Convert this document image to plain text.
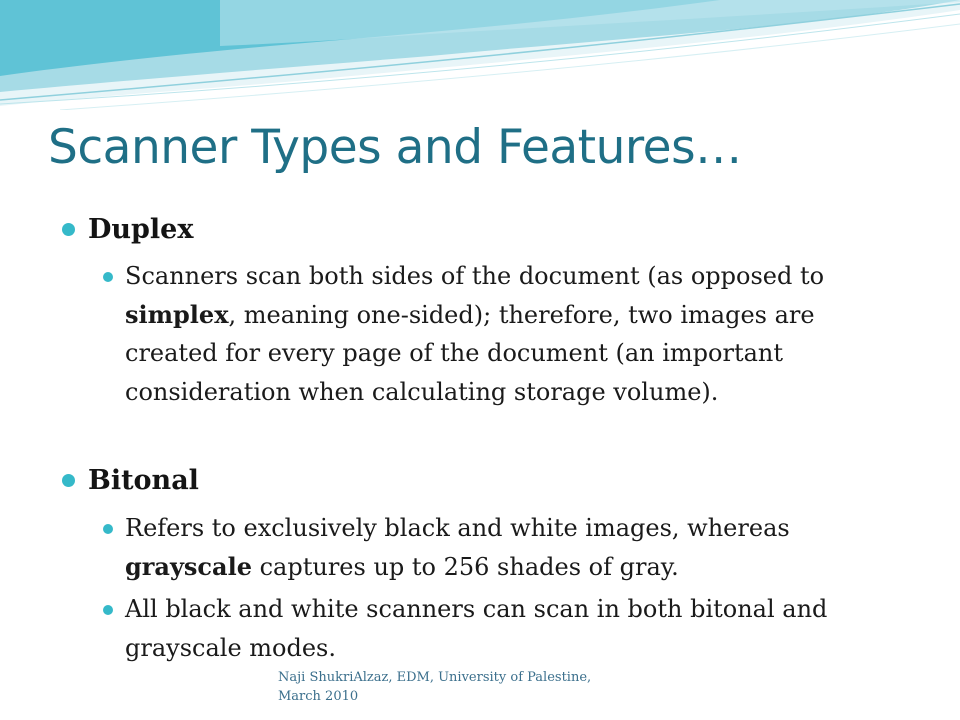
Scanner Types and Features…
Duplex
Scanners scan both sides of the document (as opposed to simplex, meaning one-sided); therefore, two images are created for every page of the document (an important consideration when calculating storage volume).
Bitonal
Refers to exclusively black and white images, whereas grayscale captures up to 256 shades of gray.
All black and white scanners can scan in both bitonal and grayscale modes.
Naji ShukriAlzaz, EDM, University of Palestine, March 2010
